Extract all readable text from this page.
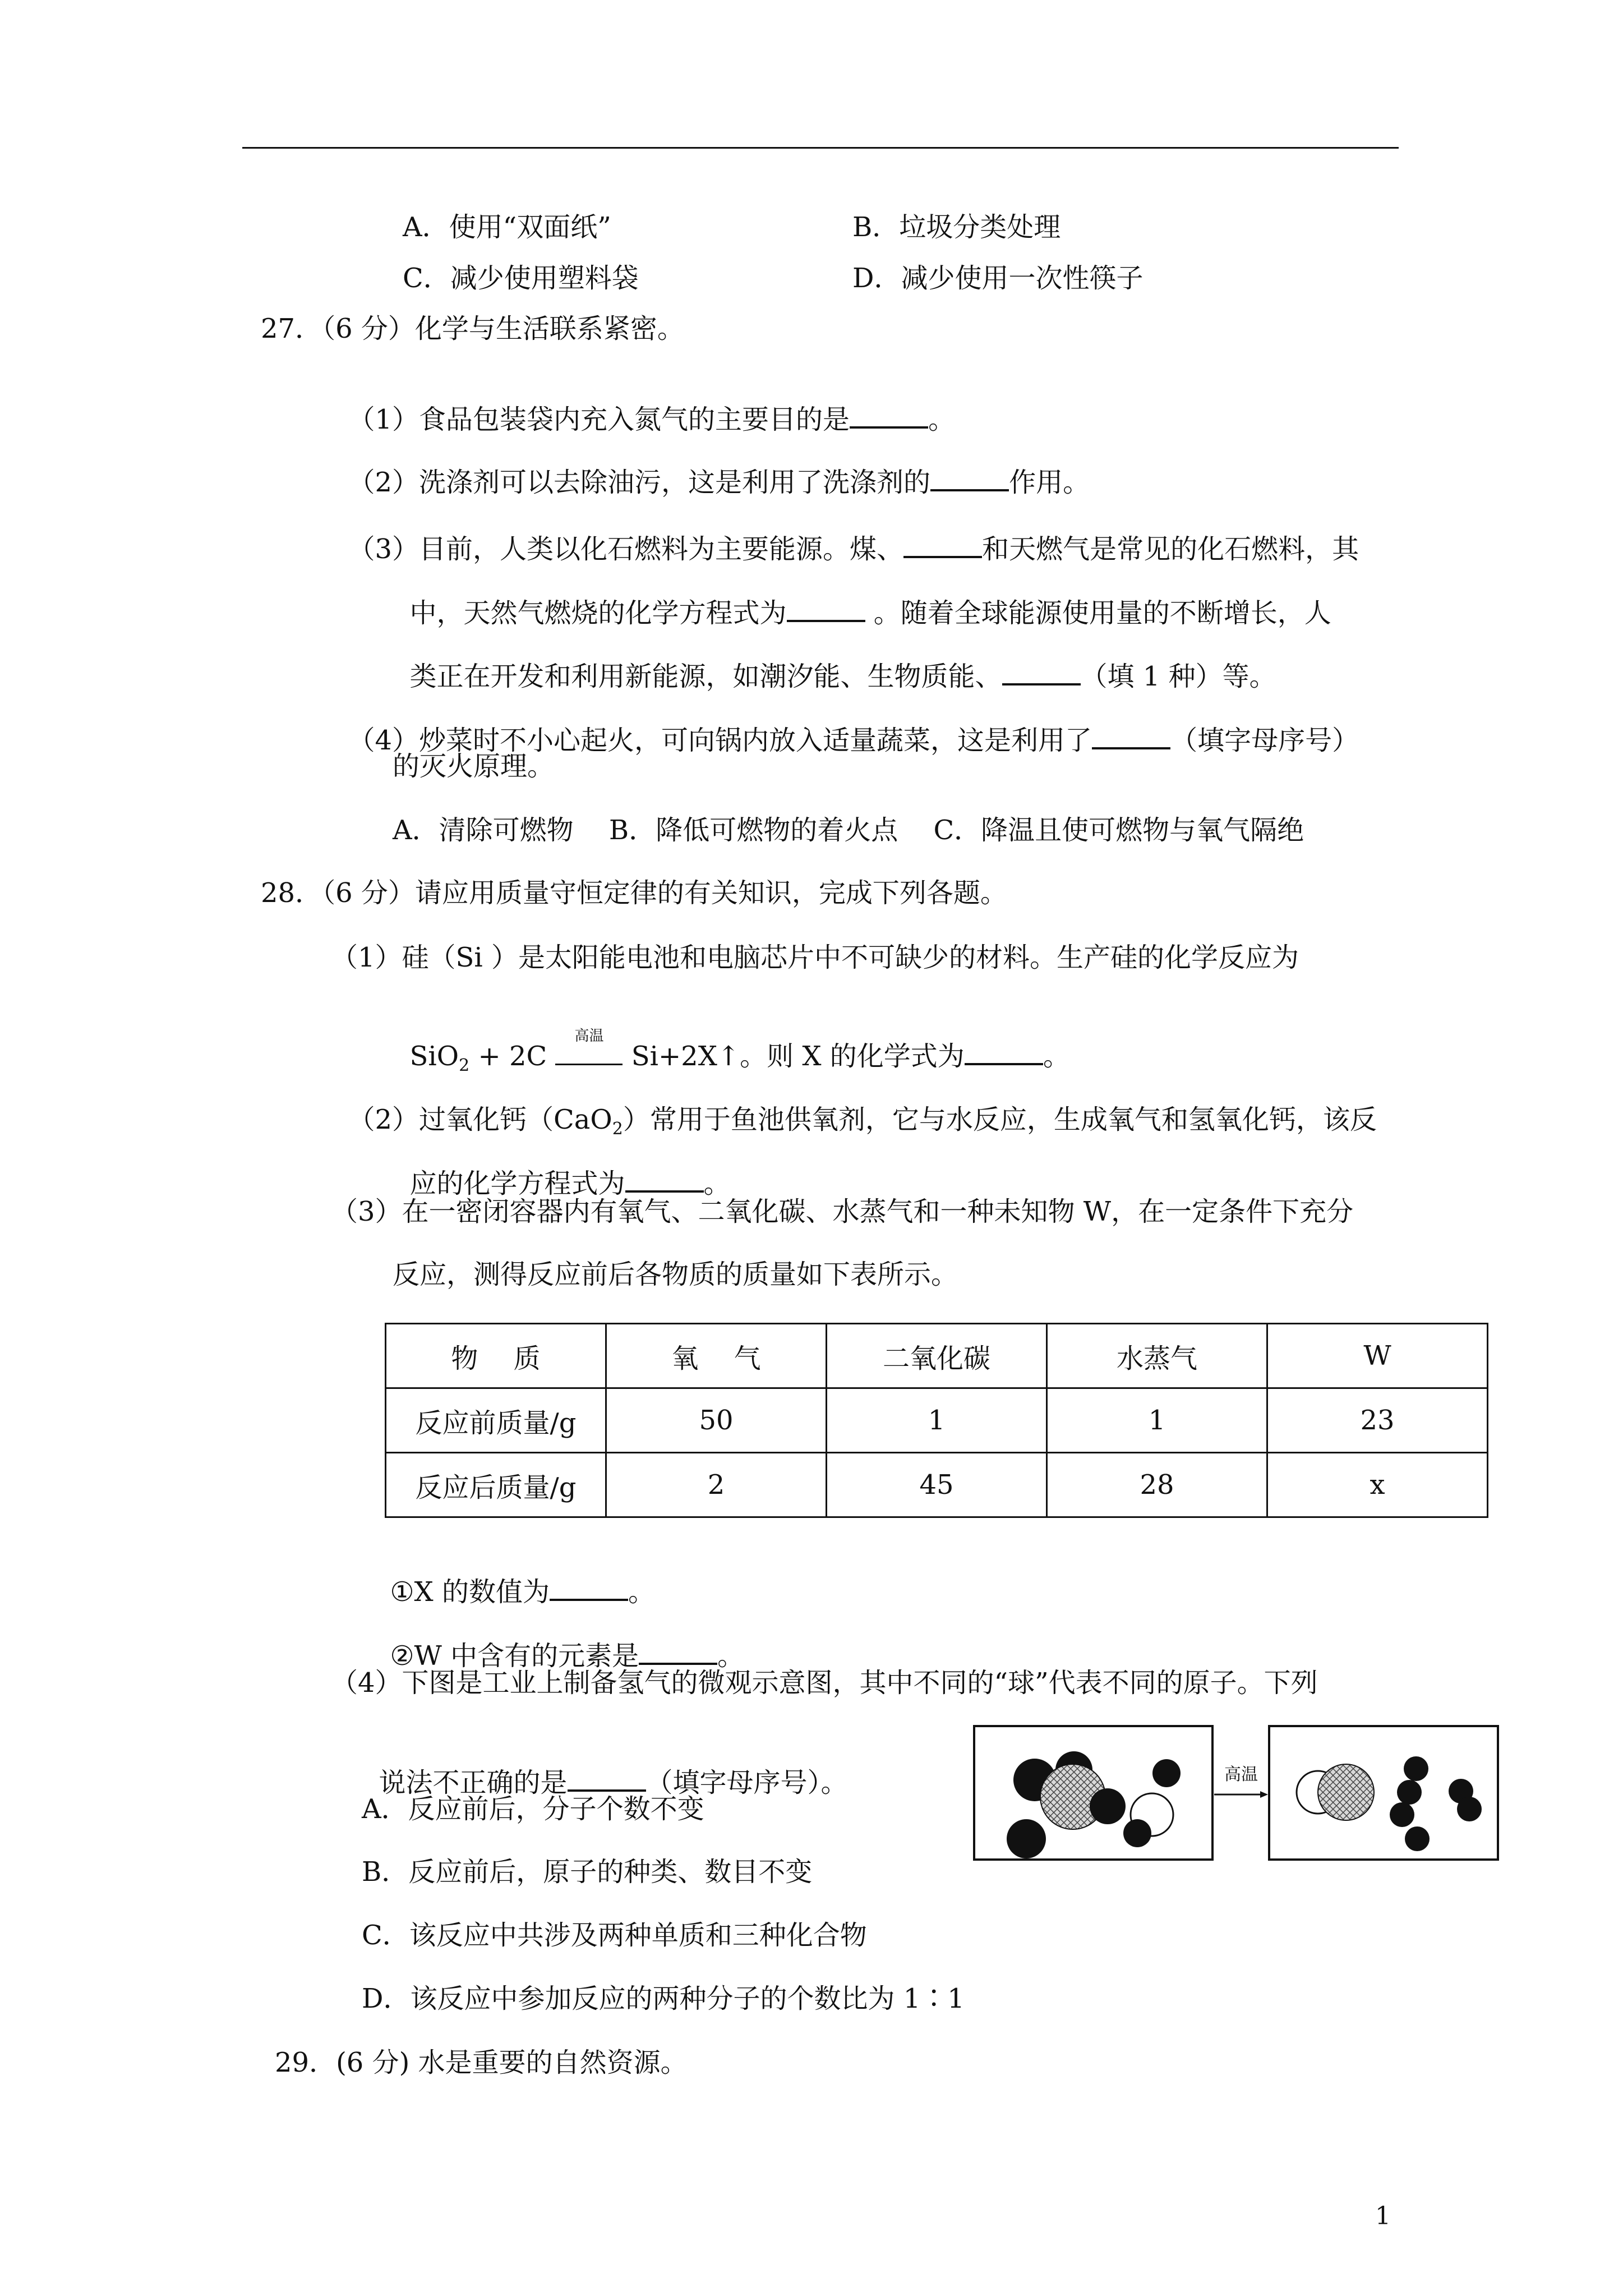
A．使用“双面纸”	B．垃圾分类处理
C．减少使用塑料袋	D．减少使用一次性筷子
27．（6 分）化学与生活联系紧密。

（1）食品包装袋内充入氮气的主要目的是	。

（2）洗涤剂可以去除油污，这是利用了洗涤剂的	作用。

（3）目前，人类以化石燃料为主要能源。煤、	和天燃气是常见的化石燃料，其

中，天然气燃烧的化学方程式为	。随着全球能源使用量的不断增长，人

类正在开发和利用新能源，如潮汐能、生物质能、	（填 1 种）等。

（4）炒菜时不小心起火，可向锅内放入适量蔬菜，这是利用了	（填字母序号）

的灭火原理。
A．清除可燃物　 B．降低可燃物的着火点　 C．降温且使可燃物与氧气隔绝
28．（6 分）请应用质量守恒定律的有关知识，完成下列各题。
（1）硅（Si ）是太阳能电池和电脑芯片中不可缺少的材料。生产硅的化学反应为

SiO$_2$ + 2C
高温
Si+2X↑。则 X 的化学式为	。

（2）过氧化钙（CaO$_2$）常用于鱼池供氧剂，它与水反应，生成氧气和氢氧化钙，该反

应的化学方程式为	。

（3）在一密闭容器内有氧气、二氧化碳、水蒸气和一种未知物 W，在一定条件下充分
反应，测得反应前后各物质的质量如下表所示。
物　 质	氧　 气	二氧化碳	水蒸气	W
反应前质量/g	50	1	1	23
反应后质量/g	2	45	28	x

①X 的数值为	。

②W 中含有的元素是	。

（4）下图是工业上制备氢气的微观示意图，其中不同的“球”代表不同的原子。下列

说法不正确的是	（填字母序号）。	高温
A．反应前后，分子个数不变
B．反应前后，原子的种类、数目不变
C．该反应中共涉及两种单质和三种化合物
D．该反应中参加反应的两种分子的个数比为 1∶1
29．(6 分) 水是重要的自然资源。
1
